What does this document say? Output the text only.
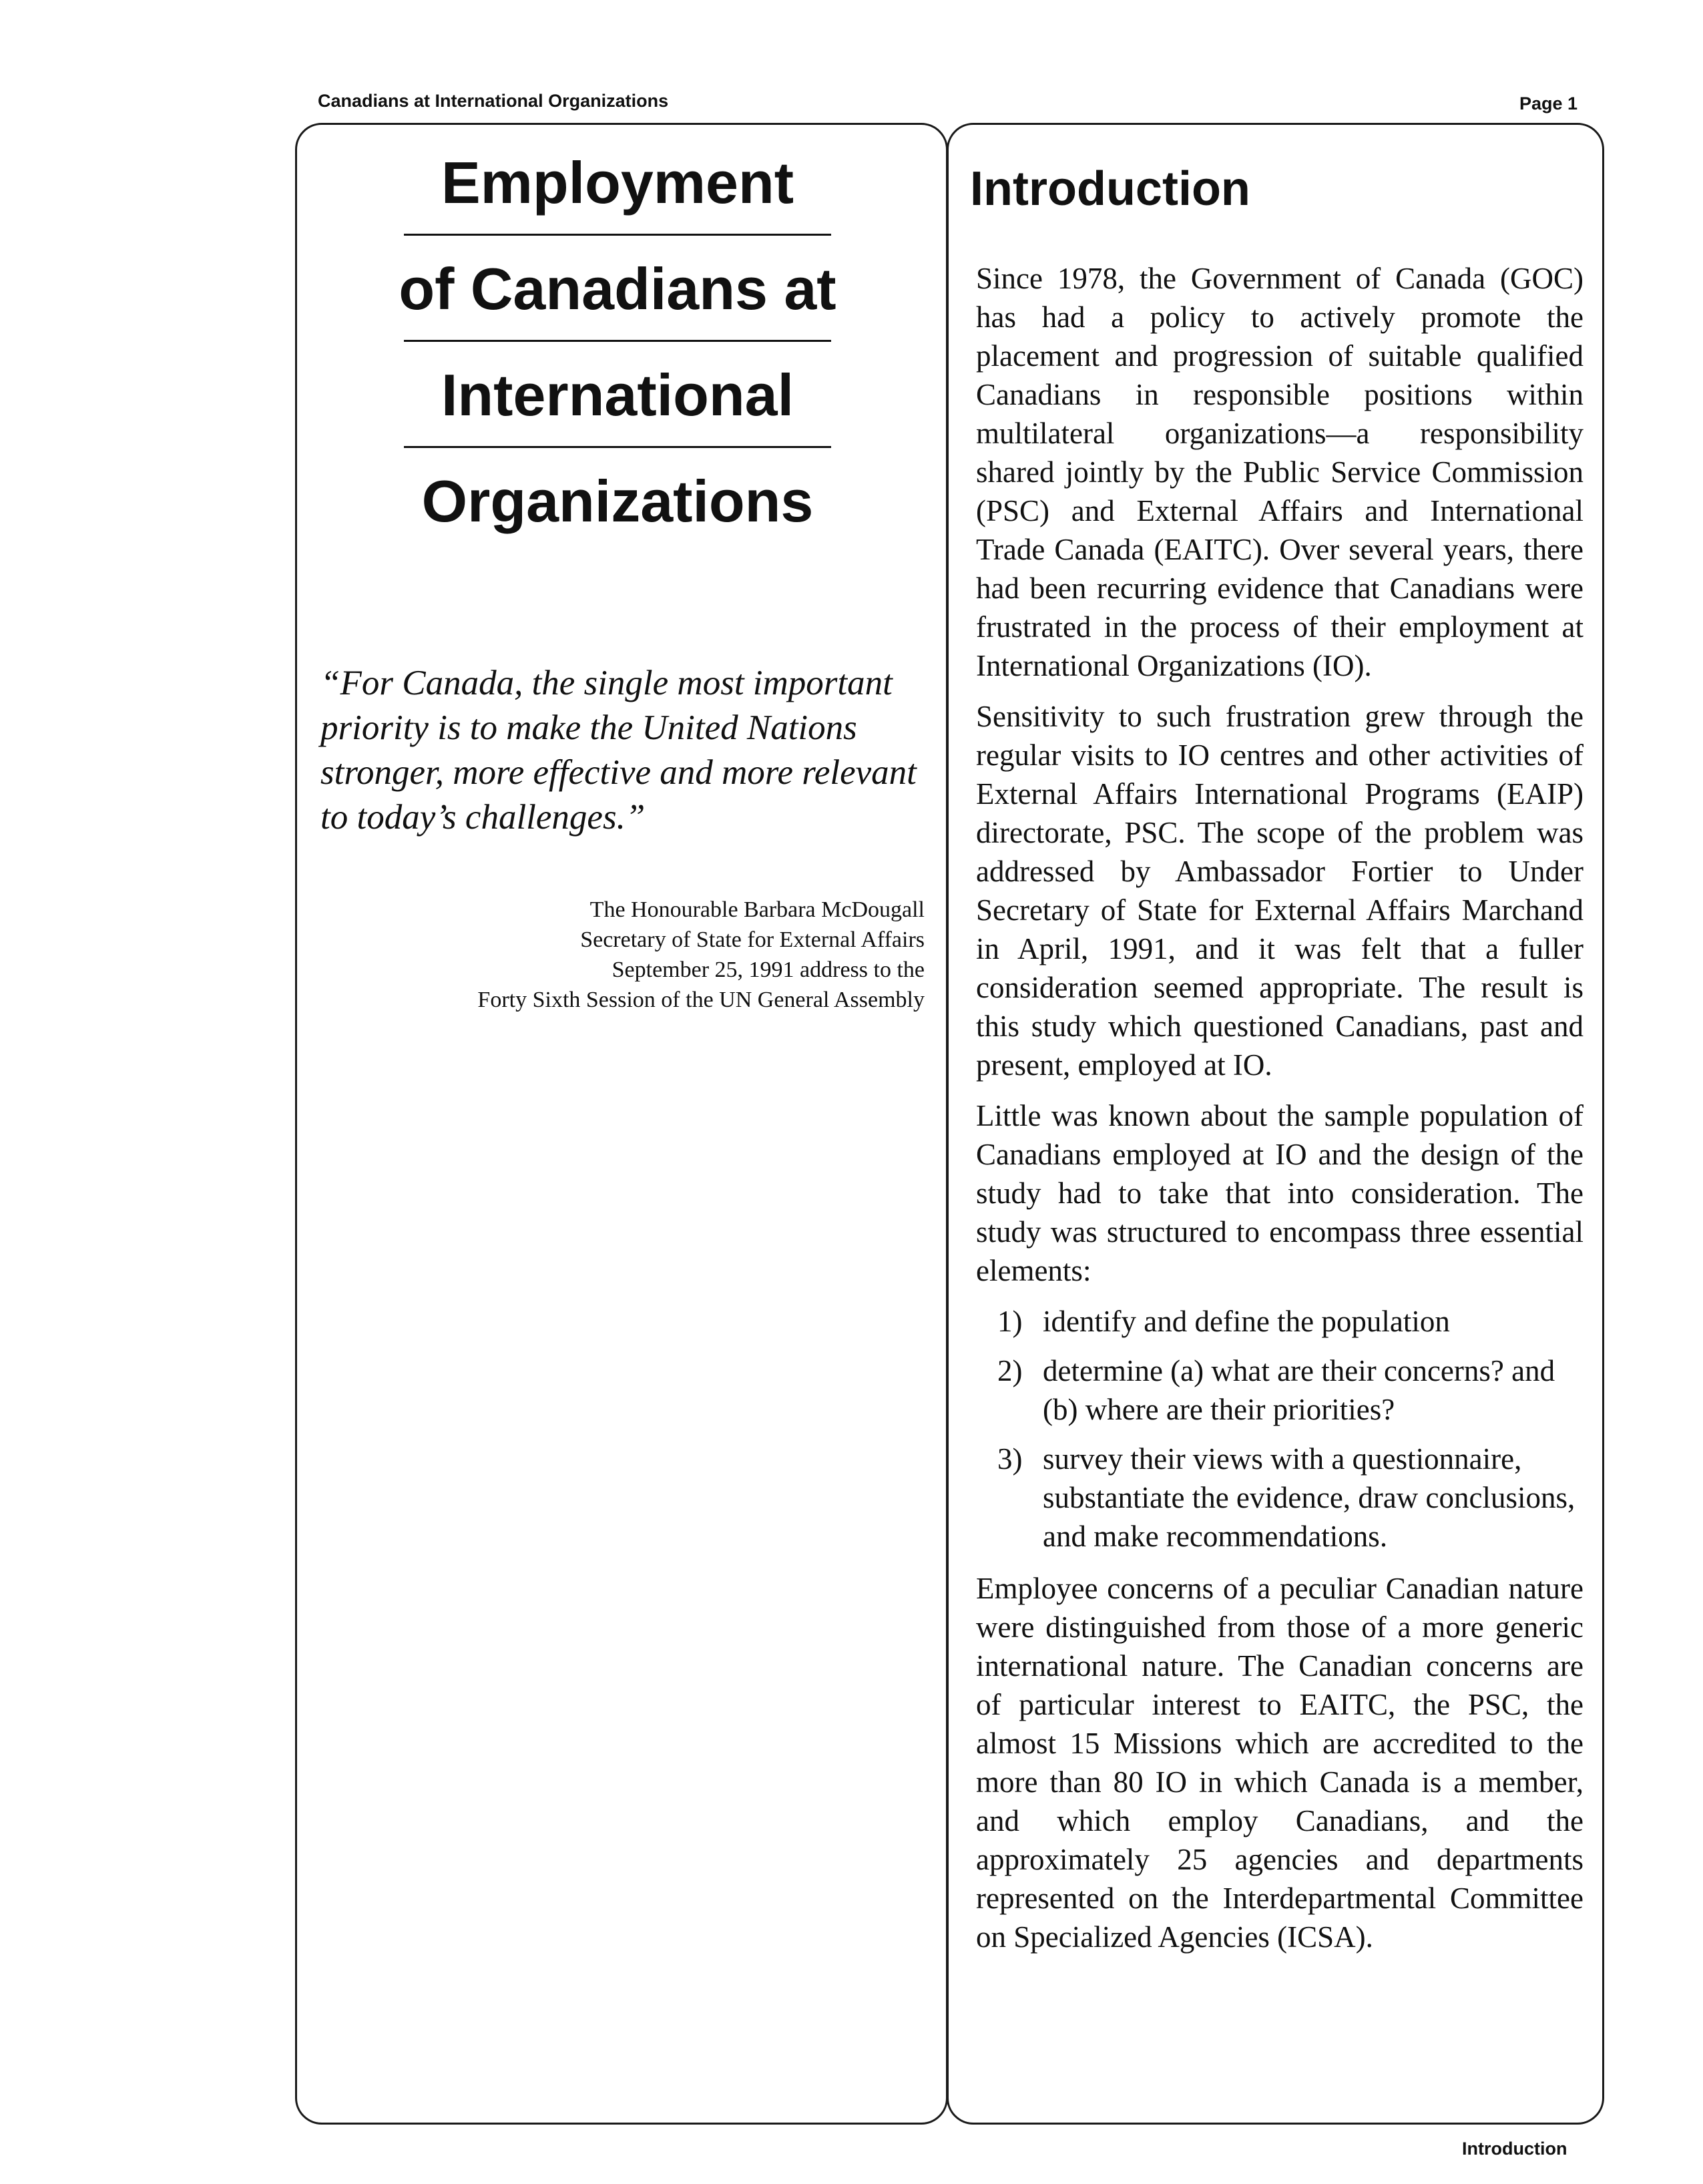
Canadians at International Organizations	Page 1
Employment
of Canadians at
International
Organizations
“For Canada, the single most important priority is to make the United Nations stronger, more effective and more relevant to today’s challenges.”
The Honourable Barbara McDougall
Secretary of State for External Affairs
September 25, 1991 address to the
Forty Sixth Session of the UN General Assembly
Introduction

Since 1978, the Government of Canada (GOC) has had a policy to actively promote the placement and progression of suitable qualified Canadians in responsible positions within multilateral organizations—a responsibility shared jointly by the Public Service Commission (PSC) and External Affairs and International Trade Canada (EAITC). Over several years, there had been recurring evidence that Canadians were frustrated in the process of their employment at International Organizations (IO).

Sensitivity to such frustration grew through the regular visits to IO centres and other activities of External Affairs International Programs (EAIP) directorate, PSC. The scope of the problem was addressed by Ambassador Fortier to Under Secretary of State for External Affairs Marchand in April, 1991, and it was felt that a fuller consideration seemed appropriate. The result is this study which questioned Canadians, past and present, employed at IO.

Little was known about the sample population of Canadians employed at IO and the design of the study had to take that into consideration. The study was structured to encompass three essential elements:

1) identify and define the population
2) determine (a) what are their concerns? and (b) where are their priorities?
3) survey their views with a questionnaire, substantiate the evidence, draw conclusions, and make recommendations.

Employee concerns of a peculiar Canadian nature were distinguished from those of a more generic international nature. The Canadian concerns are of particular interest to EAITC, the PSC, the almost 15 Missions which are accredited to the more than 80 IO in which Canada is a member, and which employ Canadians, and the approximately 25 agencies and departments represented on the Interdepartmental Committee on Specialized Agencies (ICSA).

Introduction
